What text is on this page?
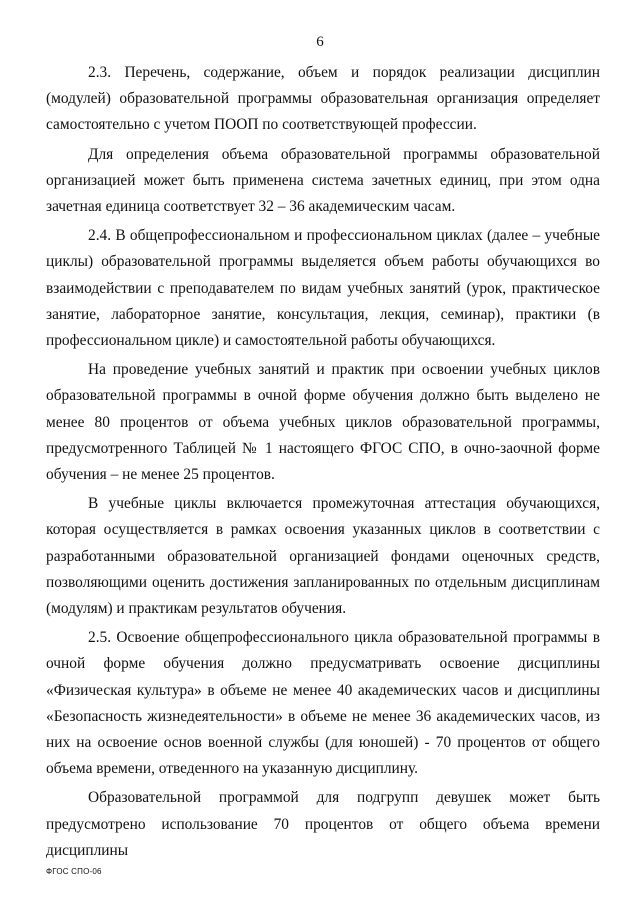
6

2.3. Перечень, содержание, объем и порядок реализации дисциплин (модулей) образовательной программы образовательная организация определяет самостоятельно с учетом ПООП по соответствующей профессии.

Для определения объема образовательной программы образовательной организацией может быть применена система зачетных единиц, при этом одна зачетная единица соответствует 32 – 36 академическим часам.

2.4. В общепрофессиональном и профессиональном циклах (далее – учебные циклы) образовательной программы выделяется объем работы обучающихся во взаимодействии с преподавателем по видам учебных занятий (урок, практическое занятие, лабораторное занятие, консультация, лекция, семинар), практики (в профессиональном цикле) и самостоятельной работы обучающихся.

На проведение учебных занятий и практик при освоении учебных циклов образовательной программы в очной форме обучения должно быть выделено не менее 80 процентов от объема учебных циклов образовательной программы, предусмотренного Таблицей № 1 настоящего ФГОС СПО, в очно-заочной форме обучения – не менее 25 процентов.

В учебные циклы включается промежуточная аттестация обучающихся, которая осуществляется в рамках освоения указанных циклов в соответствии с разработанными образовательной организацией фондами оценочных средств, позволяющими оценить достижения запланированных по отдельным дисциплинам (модулям) и практикам результатов обучения.

2.5. Освоение общепрофессионального цикла образовательной программы в очной форме обучения должно предусматривать освоение дисциплины «Физическая культура» в объеме не менее 40 академических часов и дисциплины «Безопасность жизнедеятельности» в объеме не менее 36 академических часов, из них на освоение основ военной службы (для юношей) - 70 процентов от общего объема времени, отведенного на указанную дисциплину.

Образовательной программой для подгрупп девушек может быть предусмотрено использование 70 процентов от общего объема времени дисциплины

ФГОС СПО-06
